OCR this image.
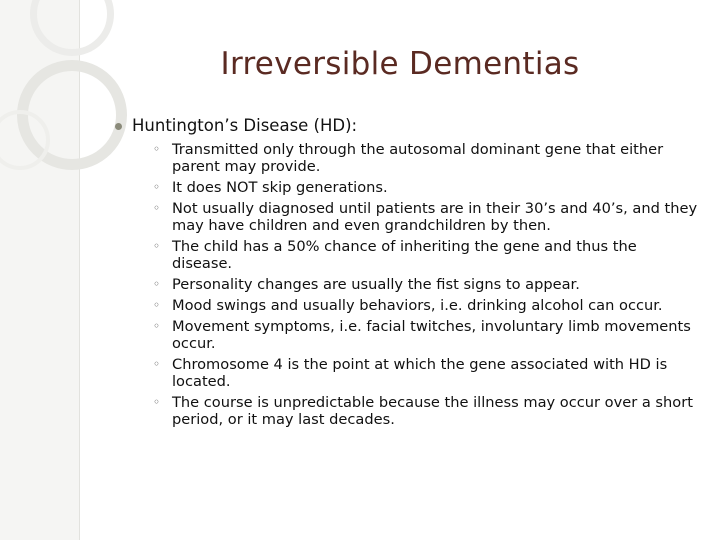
Irreversible Dementias
Huntington’s Disease (HD):
◦ Transmitted only through the autosomal dominant gene that either parent may provide.
◦ It does NOT skip generations.
◦ Not usually diagnosed until patients are in their 30’s and 40’s, and they may have children and even grandchildren by then.
◦ The child has a 50% chance of inheriting the gene and thus the disease.
◦ Personality changes are usually the fist signs to appear.
◦ Mood swings and usually behaviors, i.e. drinking alcohol can occur.
◦ Movement symptoms, i.e. facial twitches, involuntary limb movements occur.
◦ Chromosome 4 is the point at which the gene associated with HD is located.
◦ The course is unpredictable because the illness may occur over a short period, or it may last decades.
